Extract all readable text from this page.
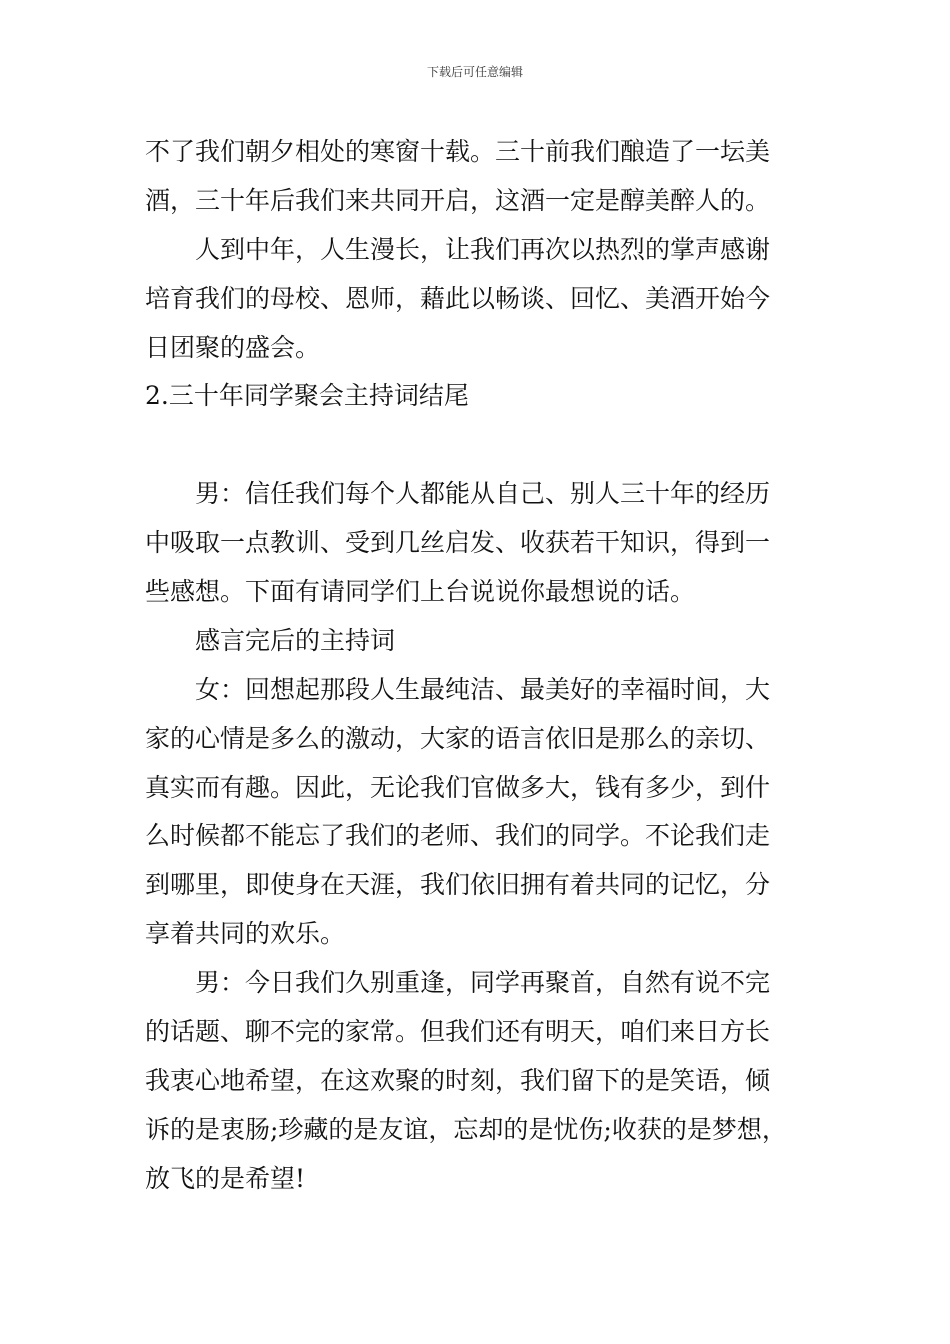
下载后可任意编辑
不了我们朝夕相处的寒窗十载。三十前我们酿造了一坛美
酒，三十年后我们来共同开启，这酒一定是醇美醉人的。
人到中年，人生漫长，让我们再次以热烈的掌声感谢
培育我们的母校、恩师，藉此以畅谈、回忆、美酒开始今
日团聚的盛会。
2.三十年同学聚会主持词结尾
男：信任我们每个人都能从自己、别人三十年的经历
中吸取一点教训、受到几丝启发、收获若干知识，得到一
些感想。下面有请同学们上台说说你最想说的话。
感言完后的主持词
女：回想起那段人生最纯洁、最美好的幸福时间，大
家的心情是多么的激动，大家的语言依旧是那么的亲切、
真实而有趣。因此，无论我们官做多大，钱有多少，到什
么时候都不能忘了我们的老师、我们的同学。不论我们走
到哪里，即使身在天涯，我们依旧拥有着共同的记忆，分
享着共同的欢乐。
男：今日我们久别重逢，同学再聚首，自然有说不完
的话题、聊不完的家常。但我们还有明天，咱们来日方长
我衷心地希望，在这欢聚的时刻，我们留下的是笑语，倾
诉的是衷肠;珍藏的是友谊，忘却的是忧伤;收获的是梦想，
放飞的是希望!
